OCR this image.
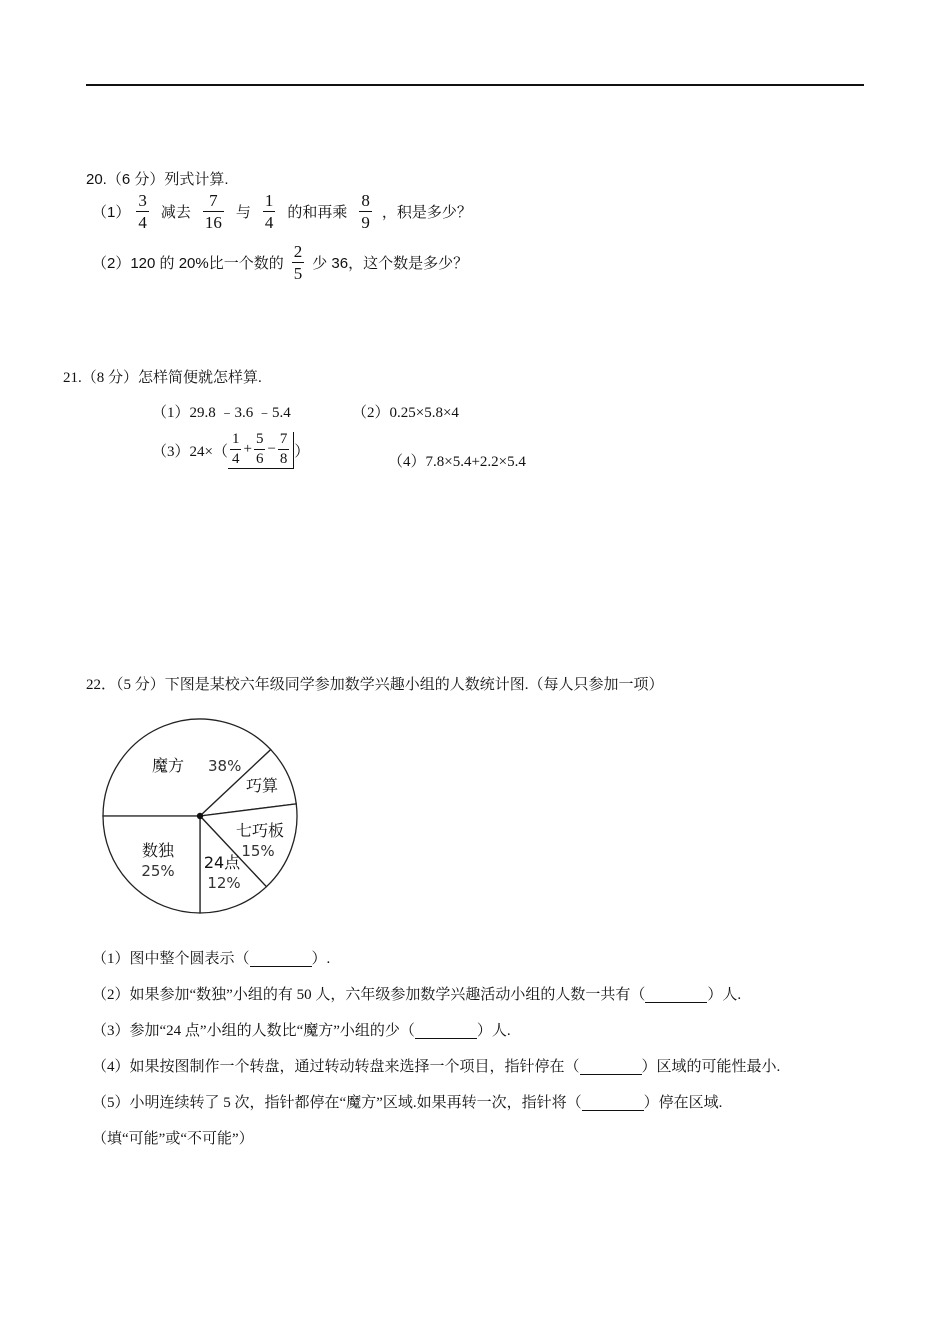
20.（6 分）列式计算.
$(1) \frac{3}{4}$ 减去 $\frac{7}{16}$ 与 $\frac{1}{4}$ 的和再乘 $\frac{8}{9}$ ，积是多少？
（2）120 的 20%比一个数的 $\frac{2}{5}$ 少 36，这个数是多少？
21.（8 分）怎样简便就怎样算.
（1）29.8 ﹣3.6 ﹣5.4	（2）0.25×5.8×4
$(3)24\times( \frac{1}{4} + \frac{5}{6} - \frac{7}{8}$ ）
（4）7.8×5.4+2.2×5.4
22．（5 分）下图是某校六年级同学参加数学兴趣小组的人数统计图.（每人只参加一项）
魔方 38%
巧算
七巧板
15%
24点
12%
数独
25%
（1）图中整个圆表示（	）.
（2）如果参加“数独”小组的有 50 人，六年级参加数学兴趣活动小组的人数一共有（	）人.
（3）参加“24 点”小组的人数比“魔方”小组的少（	）人.
（4）如果按图制作一个转盘，通过转动转盘来选择一个项目，指针停在（	）区域的可能性最小.
（5）小明连续转了 5 次，指针都停在“魔方”区域.如果再转一次，指针将（	）停在区域.
（填“可能”或“不可能”）
